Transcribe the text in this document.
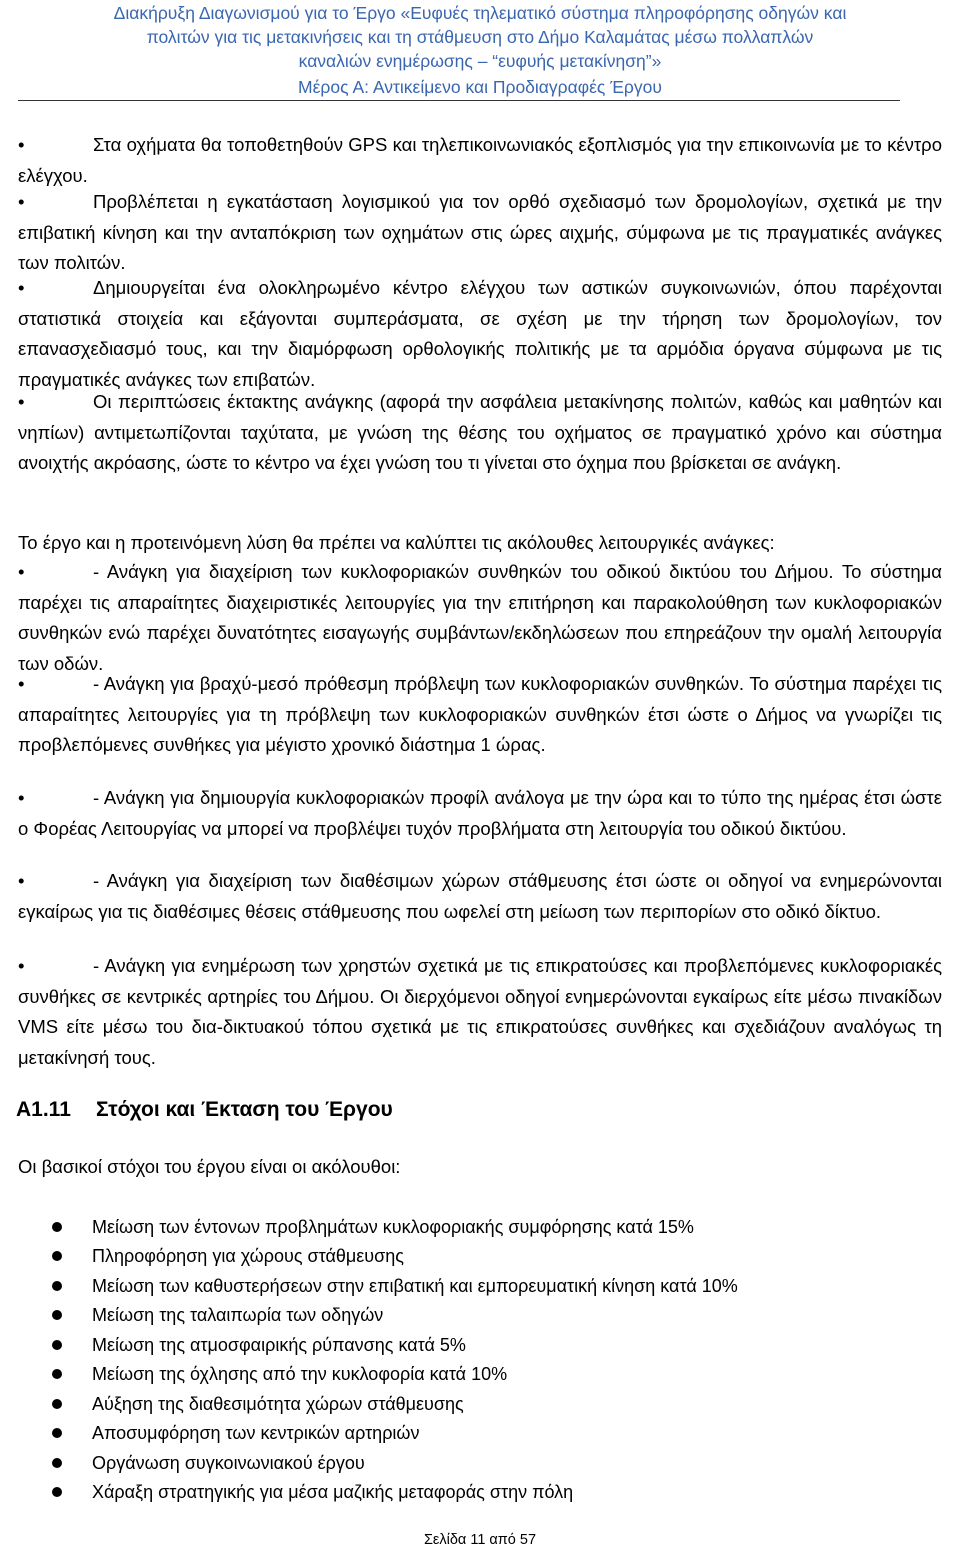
Διακήρυξη Διαγωνισμού για το Έργο «Ευφυές τηλεματικό σύστημα πληροφόρησης οδηγών και
πολιτών για τις μετακινήσεις και τη στάθμευση στο Δήμο Καλαμάτας μέσω πολλαπλών
καναλιών ενημέρωσης – “ευφυής μετακίνηση”»
Μέρος Α: Αντικείμενο και Προδιαγραφές Έργου
•	Στα οχήματα θα τοποθετηθούν GPS και τηλεπικοινωνιακός εξοπλισμός για την επικοινωνία με το κέντρο ελέγχου.
•	Προβλέπεται η εγκατάσταση λογισμικού για τον ορθό σχεδιασμό των δρομολογίων, σχετικά με την επιβατική κίνηση και την ανταπόκριση των οχημάτων στις ώρες αιχμής, σύμφωνα με τις πραγματικές ανάγκες των πολιτών.
•	Δημιουργείται ένα ολοκληρωμένο κέντρο ελέγχου των αστικών συγκοινωνιών, όπου παρέχονται στατιστικά στοιχεία και εξάγονται συμπεράσματα, σε σχέση με την τήρηση των δρομολογίων, τον επανασχεδιασμό τους, και την διαμόρφωση ορθολογικής πολιτικής με τα αρμόδια όργανα σύμφωνα με τις πραγματικές ανάγκες των επιβατών.
•	Οι περιπτώσεις έκτακτης ανάγκης (αφορά την ασφάλεια μετακίνησης πολιτών, καθώς και μαθητών και νηπίων) αντιμετωπίζονται ταχύτατα, με γνώση της θέσης του οχήματος σε πραγματικό χρόνο και σύστημα ανοιχτής ακρόασης, ώστε το κέντρο να έχει γνώση του τι γίνεται στο όχημα που βρίσκεται σε ανάγκη.
Το έργο και η προτεινόμενη λύση θα πρέπει να καλύπτει τις ακόλουθες λειτουργικές ανάγκες:
•	- Ανάγκη για διαχείριση των κυκλοφοριακών συνθηκών του οδικού δικτύου του Δήμου. Το σύστημα παρέχει τις απαραίτητες διαχειριστικές λειτουργίες για την επιτήρηση και παρακολούθηση των κυκλοφοριακών συνθηκών ενώ παρέχει δυνατότητες εισαγωγής συμβάντων/εκδηλώσεων που επηρεάζουν την ομαλή λειτουργία των οδών.
•	- Ανάγκη για βραχύ-μεσό πρόθεσμη πρόβλεψη των κυκλοφοριακών συνθηκών. Το σύστημα παρέχει τις απαραίτητες λειτουργίες για τη πρόβλεψη των κυκλοφοριακών συνθηκών έτσι ώστε ο Δήμος να γνωρίζει τις προβλεπόμενες συνθήκες για μέγιστο χρονικό διάστημα 1 ώρας.
•	- Ανάγκη για δημιουργία κυκλοφοριακών προφίλ ανάλογα με την ώρα και το τύπο της ημέρας έτσι ώστε ο Φορέας Λειτουργίας να μπορεί να προβλέψει τυχόν προβλήματα στη λειτουργία του οδικού δικτύου.
•	- Ανάγκη για διαχείριση των διαθέσιμων χώρων στάθμευσης έτσι ώστε οι οδηγοί να ενημερώνονται εγκαίρως για τις διαθέσιμες θέσεις στάθμευσης που ωφελεί στη μείωση των περιπορίων στο οδικό δίκτυο.
•	- Ανάγκη για ενημέρωση των χρηστών σχετικά με τις επικρατούσες και προβλεπόμενες κυκλοφοριακές συνθήκες σε κεντρικές αρτηρίες του Δήμου. Οι διερχόμενοι οδηγοί ενημερώνονται εγκαίρως είτε μέσω πινακίδων VMS είτε μέσω του δια-δικτυακού τόπου σχετικά με τις επικρατούσες συνθήκες και σχεδιάζουν αναλόγως τη μετακίνησή τους.
Α1.11 Στόχοι και Έκταση του Έργου
Οι βασικοί στόχοι του έργου είναι οι ακόλουθοι:
Μείωση των έντονων προβλημάτων κυκλοφοριακής συμφόρησης κατά 15%
Πληροφόρηση για χώρους στάθμευσης
Μείωση των καθυστερήσεων στην επιβατική και εμπορευματική κίνηση κατά 10%
Μείωση της ταλαιπωρία των οδηγών
Μείωση της ατμοσφαιρικής ρύπανσης κατά 5%
Μείωση της όχλησης από την κυκλοφορία κατά 10%
Αύξηση της διαθεσιμότητα χώρων στάθμευσης
Αποσυμφόρηση των κεντρικών αρτηριών
Οργάνωση συγκοινωνιακού έργου
Χάραξη στρατηγικής για μέσα μαζικής μεταφοράς στην πόλη
Σελίδα 11 από 57
